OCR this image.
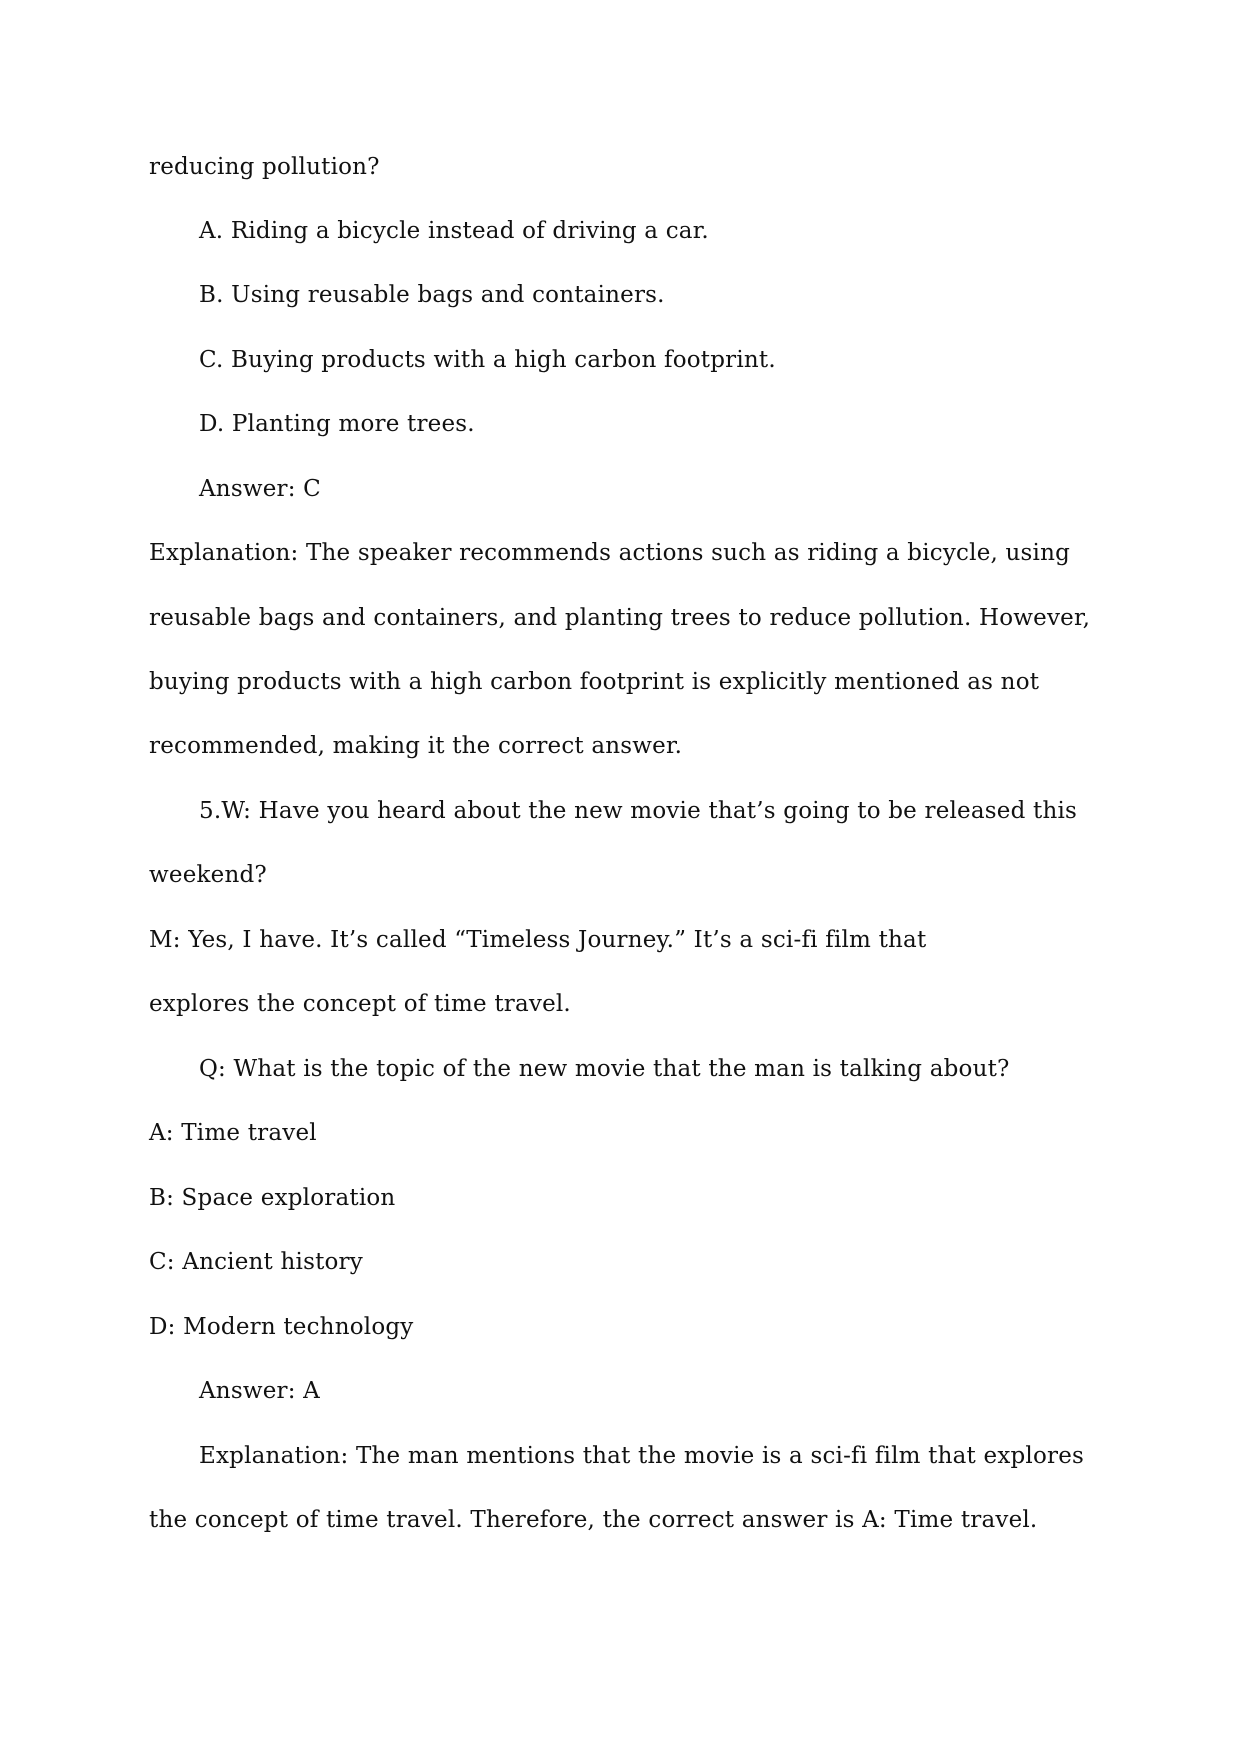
reducing pollution?
A. Riding a bicycle instead of driving a car.
B. Using reusable bags and containers.
C. Buying products with a high carbon footprint.
D. Planting more trees.
Answer: C
Explanation: The speaker recommends actions such as riding a bicycle, using
reusable bags and containers, and planting trees to reduce pollution. However,
buying products with a high carbon footprint is explicitly mentioned as not
recommended, making it the correct answer.
5.W: Have you heard about the new movie that’s going to be released this
weekend?
M: Yes, I have. It’s called “Timeless Journey.” It’s a sci-fi film that
explores the concept of time travel.
Q: What is the topic of the new movie that the man is talking about?
A: Time travel
B: Space exploration
C: Ancient history
D: Modern technology
Answer: A
Explanation: The man mentions that the movie is a sci-fi film that explores
the concept of time travel. Therefore, the correct answer is A: Time travel.
